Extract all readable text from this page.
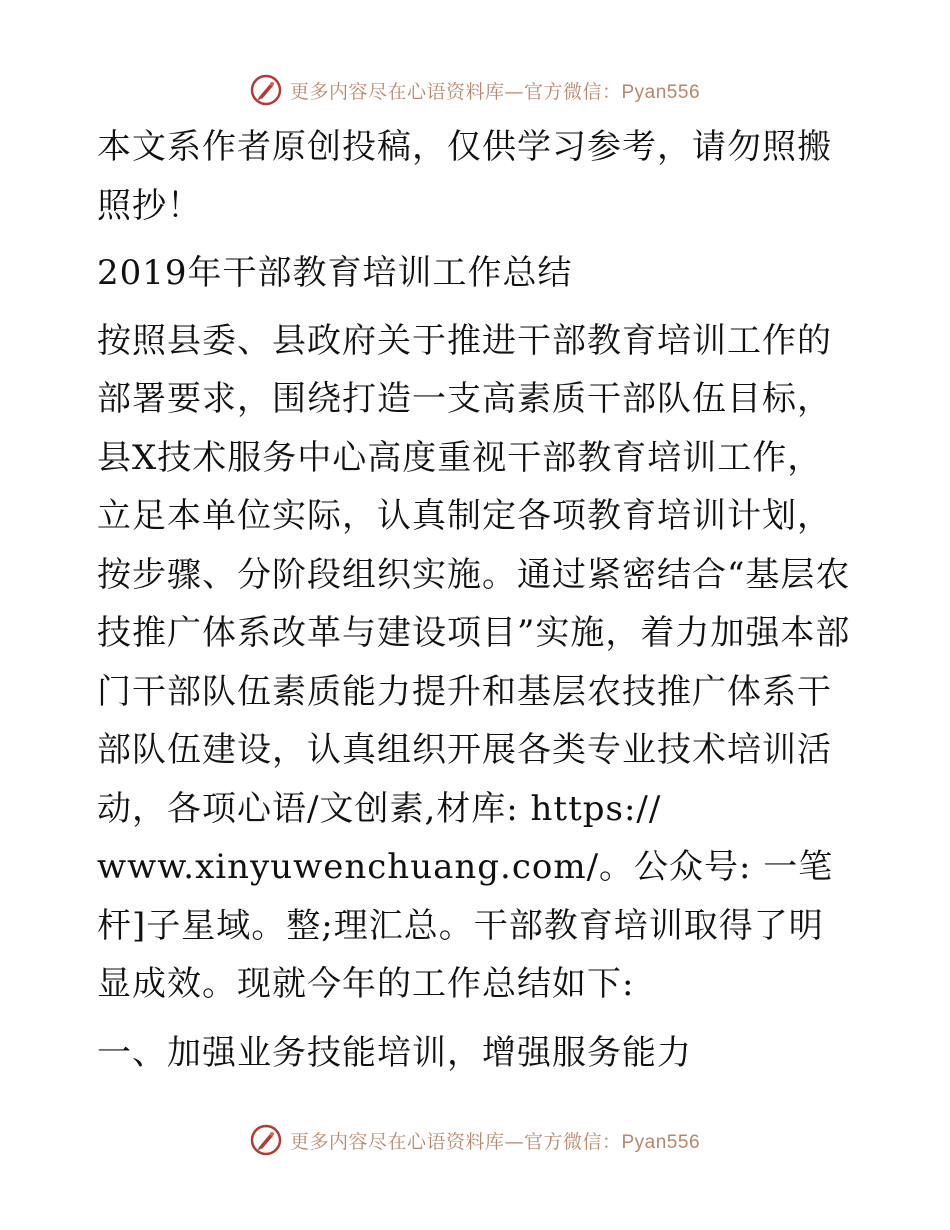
更多内容尽在心语资料库—官方微信：Pyan556

本文系作者原创投稿，仅供学习参考，请勿照搬照抄！

2019年干部教育培训工作总结

按照县委、县政府关于推进干部教育培训工作的部署要求，围绕打造一支高素质干部队伍目标，县X技术服务中心高度重视干部教育培训工作，立足本单位实际，认真制定各项教育培训计划，按步骤、分阶段组织实施。通过紧密结合“基层农技推广体系改革与建设项目”实施，着力加强本部门干部队伍素质能力提升和基层农技推广体系干部队伍建设，认真组织开展各类专业技术培训活动，各项心语/文创素,材库: https://

www.xinyuwenchuang.com/。公众号: 一笔杆]子星域。整;理汇总。干部教育培训取得了明显成效。现就今年的工作总结如下:

一、加强业务技能培训，增强服务能力

更多内容尽在心语资料库—官方微信：Pyan556
